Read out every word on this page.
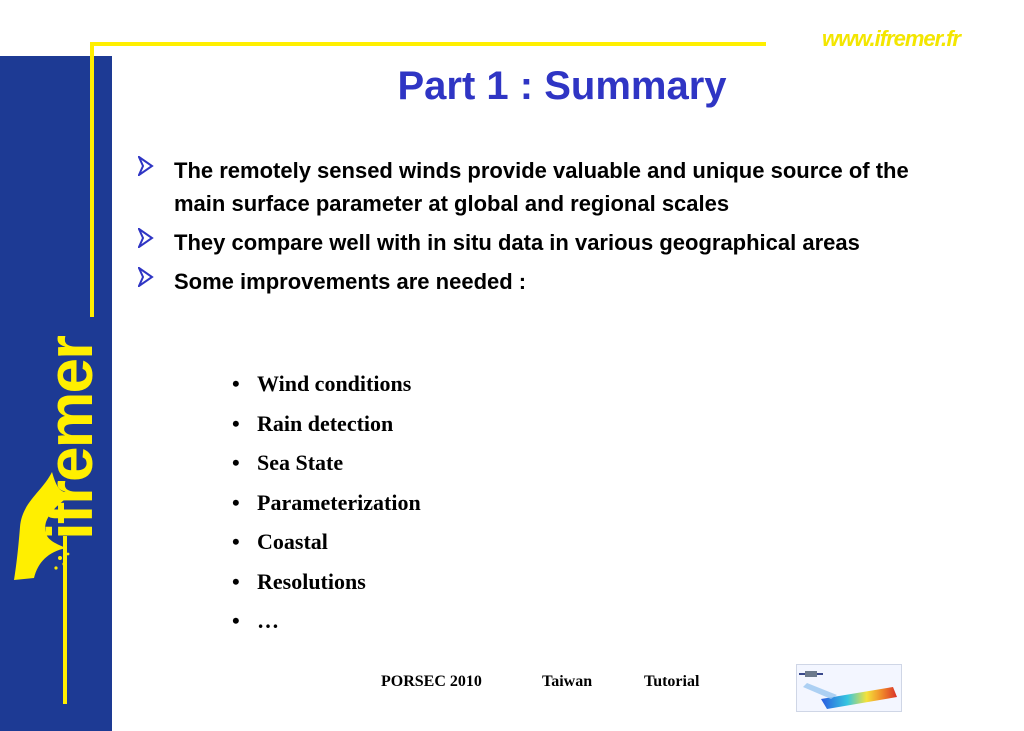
www.ifremer.fr
ifremer
Part 1 : Summary
The remotely sensed winds provide valuable and unique source of the main surface parameter at global and regional scales
They compare well with in situ data in various geographical areas
Some improvements are needed :
• Wind conditions
• Rain detection
• Sea State
• Parameterization
• Coastal
• Resolutions
• …
PORSEC 2010	Taiwan	Tutorial
